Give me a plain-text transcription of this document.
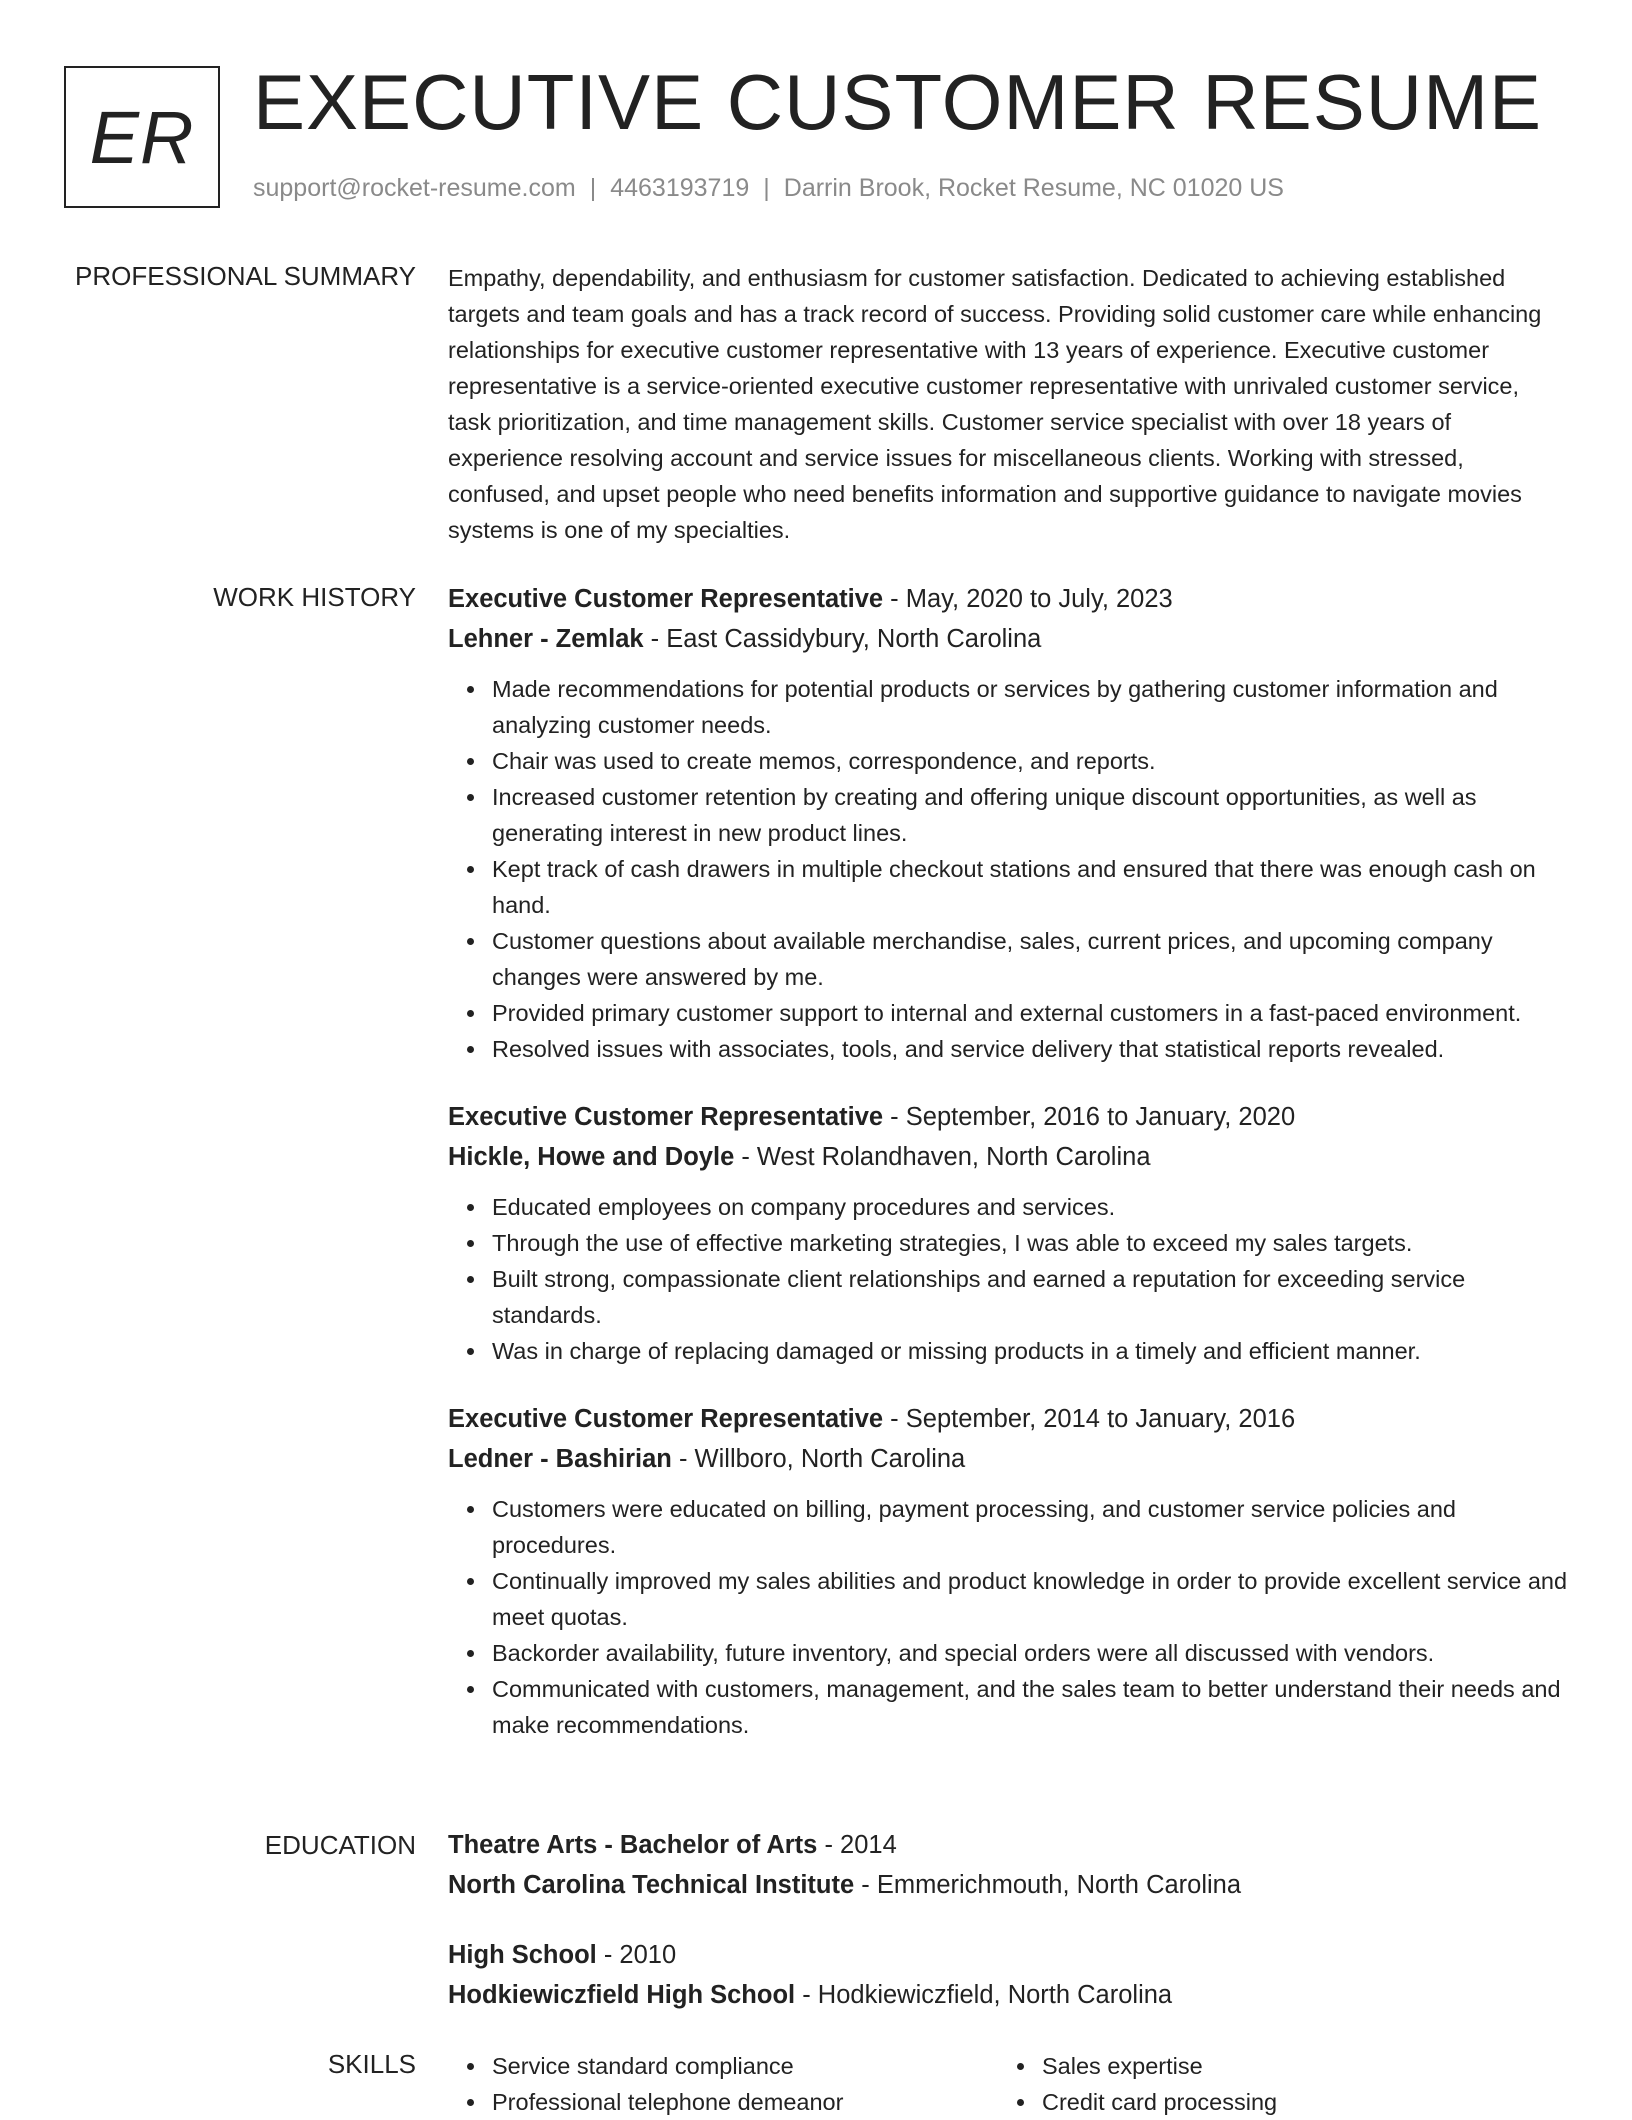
ER EXECUTIVE CUSTOMER RESUME
support@rocket-resume.com | 4463193719 | Darrin Brook, Rocket Resume, NC 01020 US
PROFESSIONAL SUMMARY Empathy, dependability, and enthusiasm for customer satisfaction. Dedicated to achieving established targets and team goals and has a track record of success. Providing solid customer care while enhancing relationships for executive customer representative with 13 years of experience. Executive customer representative is a service-oriented executive customer representative with unrivaled customer service, task prioritization, and time management skills. Customer service specialist with over 18 years of experience resolving account and service issues for miscellaneous clients. Working with stressed, confused, and upset people who need benefits information and supportive guidance to navigate movies systems is one of my specialties.

WORK HISTORY Executive Customer Representative - May, 2020 to July, 2023
Lehner - Zemlak - East Cassidybury, North Carolina
Made recommendations for potential products or services by gathering customer information and analyzing customer needs.
Chair was used to create memos, correspondence, and reports.
Increased customer retention by creating and offering unique discount opportunities, as well as generating interest in new product lines.
Kept track of cash drawers in multiple checkout stations and ensured that there was enough cash on hand.
Customer questions about available merchandise, sales, current prices, and upcoming company changes were answered by me.
Provided primary customer support to internal and external customers in a fast-paced environment.
Resolved issues with associates, tools, and service delivery that statistical reports revealed.
Executive Customer Representative - September, 2016 to January, 2020
Hickle, Howe and Doyle - West Rolandhaven, North Carolina
Educated employees on company procedures and services.
Through the use of effective marketing strategies, I was able to exceed my sales targets.
Built strong, compassionate client relationships and earned a reputation for exceeding service standards.
Was in charge of replacing damaged or missing products in a timely and efficient manner.
Executive Customer Representative - September, 2014 to January, 2016
Ledner - Bashirian - Willboro, North Carolina
Customers were educated on billing, payment processing, and customer service policies and procedures.
Continually improved my sales abilities and product knowledge in order to provide excellent service and meet quotas.
Backorder availability, future inventory, and special orders were all discussed with vendors.
Communicated with customers, management, and the sales team to better understand their needs and make recommendations.
EDUCATION Theatre Arts - Bachelor of Arts - 2014
North Carolina Technical Institute - Emmerichmouth, North Carolina
High School - 2010
Hodkiewiczfield High School - Hodkiewiczfield, North Carolina
SKILLS	Service standard compliance
Professional telephone demeanor
Sales expertise
Credit card processing
